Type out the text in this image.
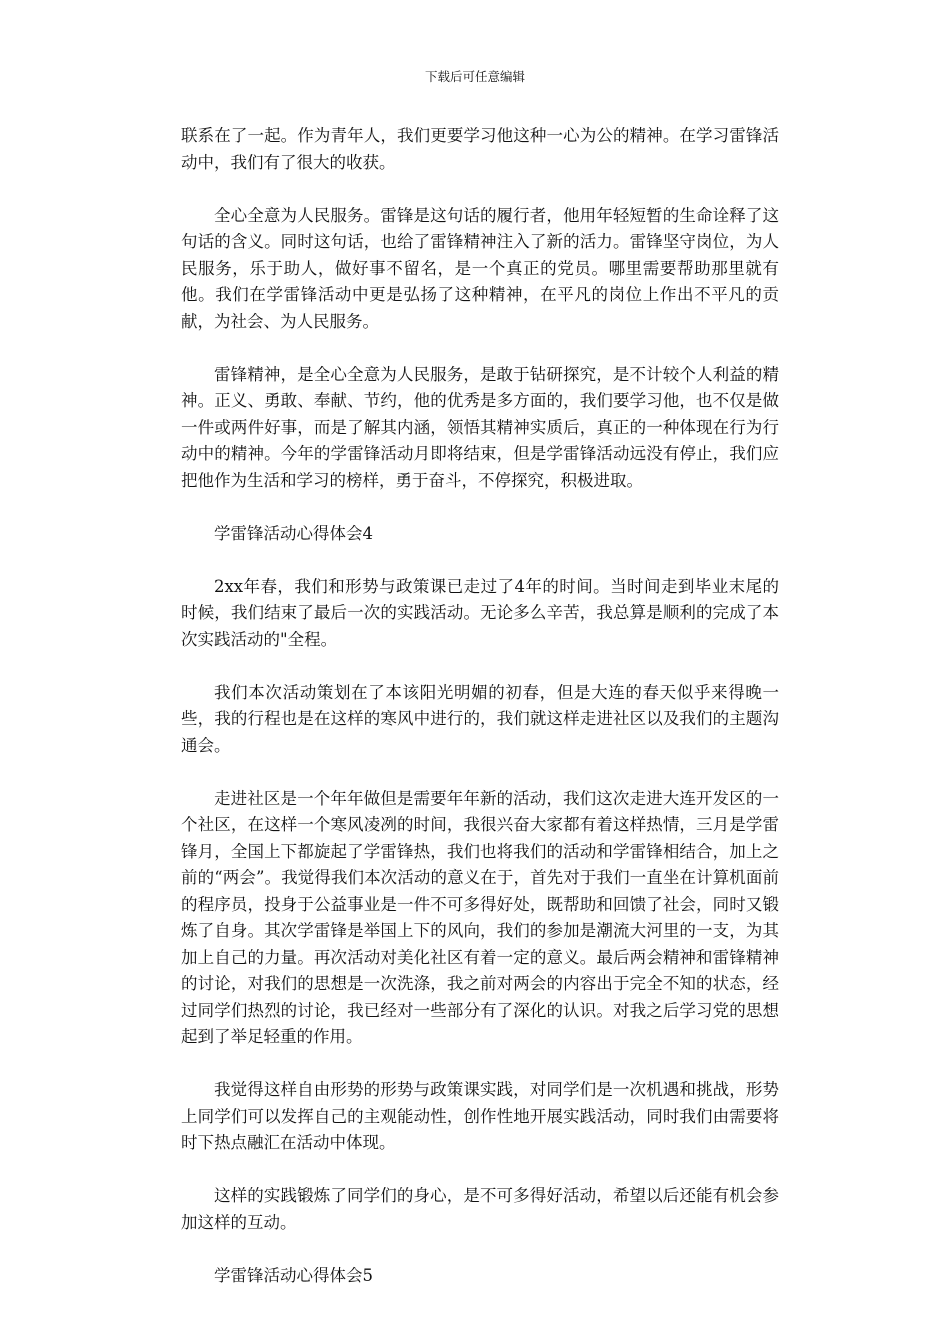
下载后可任意编辑

联系在了一起。作为青年人，我们更要学习他这种一心为公的精神。在学习雷锋活动中，我们有了很大的收获。

全心全意为人民服务。雷锋是这句话的履行者，他用年轻短暂的生命诠释了这句话的含义。同时这句话，也给了雷锋精神注入了新的活力。雷锋坚守岗位，为人民服务，乐于助人，做好事不留名，是一个真正的党员。哪里需要帮助那里就有他。我们在学雷锋活动中更是弘扬了这种精神，在平凡的岗位上作出不平凡的贡献，为社会、为人民服务。

雷锋精神，是全心全意为人民服务，是敢于钻研探究，是不计较个人利益的精神。正义、勇敢、奉献、节约，他的优秀是多方面的，我们要学习他，也不仅是做一件或两件好事，而是了解其内涵，领悟其精神实质后，真正的一种体现在行为行动中的精神。今年的学雷锋活动月即将结束，但是学雷锋活动远没有停止，我们应把他作为生活和学习的榜样，勇于奋斗，不停探究，积极进取。

学雷锋活动心得体会4

2xx年春，我们和形势与政策课已走过了4年的时间。当时间走到毕业末尾的时候，我们结束了最后一次的实践活动。无论多么辛苦，我总算是顺利的完成了本次实践活动的"全程。

我们本次活动策划在了本该阳光明媚的初春，但是大连的春天似乎来得晚一些，我的行程也是在这样的寒风中进行的，我们就这样走进社区以及我们的主题沟通会。

走进社区是一个年年做但是需要年年新的活动，我们这次走进大连开发区的一个社区，在这样一个寒风凌冽的时间，我很兴奋大家都有着这样热情，三月是学雷锋月，全国上下都旋起了学雷锋热，我们也将我们的活动和学雷锋相结合，加上之前的“两会”。我觉得我们本次活动的意义在于，首先对于我们一直坐在计算机面前的程序员，投身于公益事业是一件不可多得好处，既帮助和回馈了社会，同时又锻炼了自身。其次学雷锋是举国上下的风向，我们的参加是潮流大河里的一支，为其加上自己的力量。再次活动对美化社区有着一定的意义。最后两会精神和雷锋精神的讨论，对我们的思想是一次洗涤，我之前对两会的内容出于完全不知的状态，经过同学们热烈的讨论，我已经对一些部分有了深化的认识。对我之后学习党的思想起到了举足轻重的作用。

我觉得这样自由形势的形势与政策课实践，对同学们是一次机遇和挑战，形势上同学们可以发挥自己的主观能动性，创作性地开展实践活动，同时我们由需要将时下热点融汇在活动中体现。

这样的实践锻炼了同学们的身心，是不可多得好活动，希望以后还能有机会参加这样的互动。

学雷锋活动心得体会5
